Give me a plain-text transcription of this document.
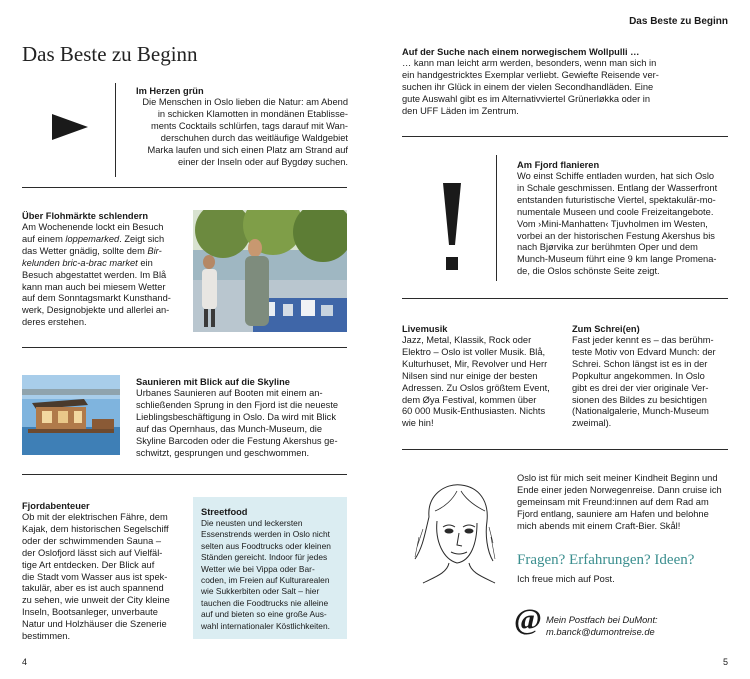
Das Beste zu Beginn
Im Herzen grün
Die Menschen in Oslo lieben die Natur: am Abend
in schicken Klamotten in mondänen Etablisse-
ments Cocktails schlürfen, tags darauf mit Wan-
derschuhen durch das weitläufige Waldgebiet
Marka laufen und sich einen Platz am Strand auf
einer der Inseln oder auf Bygdøy suchen.
Über Flohmärkte schlendern
Am Wochenende lockt ein Besuch
auf einem loppemarked. Zeigt sich
das Wetter gnädig, sollte dem Bir-
kelunden bric-a-brac market ein
Besuch abgestattet werden. Im Blå
kann man auch bei miesem Wetter
auf dem Sonntagsmarkt Kunsthand-
werk, Designobjekte und allerlei an-
deres erstehen.
Saunieren mit Blick auf die Skyline
Urbanes Saunieren auf Booten mit einem an-
schließenden Sprung in den Fjord ist die neueste
Lieblingsbeschäftigung in Oslo. Da wird mit Blick
auf das Opernhaus, das Munch-Museum, die
Skyline Barcoden oder die Festung Akershus ge-
schwitzt, gesprungen und geschwommen.
Fjordabenteuer
Ob mit der elektrischen Fähre, dem
Kajak, dem historischen Segelschiff
oder der schwimmenden Sauna –
der Oslofjord lässt sich auf Vielfäl-
tige Art entdecken. Der Blick auf
die Stadt vom Wasser aus ist spek-
takulär, aber es ist auch spannend
zu sehen, wie unweit der City kleine
Inseln, Bootsanleger, unverbaute
Natur und Holzhäuser die Szenerie
bestimmen.
Streetfood
Die neusten und leckersten
Essenstrends werden in Oslo nicht
selten aus Foodtrucks oder kleinen
Ständen gereicht. Indoor für jedes
Wetter wie bei Vippa oder Bar-
coden, im Freien auf Kulturarealen
wie Sukkerbiten oder Salt – hier
tauchen die Foodtrucks nie alleine
auf und bieten so eine große Aus-
wahl internationaler Köstlichkeiten.
4
Das Beste zu Beginn
Auf der Suche nach einem norwegischem Wollpulli …
… kann man leicht arm werden, besonders, wenn man sich in
ein handgestricktes Exemplar verliebt. Gewiefte Reisende ver-
suchen ihr Glück in einem der vielen Secondhandläden. Eine
gute Auswahl gibt es im Alternativviertel Grünerløkka oder in
den UFF Läden im Zentrum.
Am Fjord flanieren
Wo einst Schiffe entladen wurden, hat sich Oslo
in Schale geschmissen. Entlang der Wasserfront
entstanden futuristische Viertel, spektakulär-mo-
numentale Museen und coole Freizeitangebote.
Vom ›Mini-Manhatten‹ Tjuvholmen im Westen,
vorbei an der historischen Festung Akershus bis
nach Bjørvika zur berühmten Oper und dem
Munch-Museum führt eine 9 km lange Promena-
de, die Oslos schönste Seite zeigt.
Livemusik
Jazz, Metal, Klassik, Rock oder
Elektro – Oslo ist voller Musik. Blå,
Kulturhuset, Mir, Revolver und Herr
Nilsen sind nur einige der besten
Adressen. Zu Oslos größtem Event,
dem Øya Festival, kommen über
60 000 Musik-Enthusiasten. Nichts
wie hin!
Zum Schrei(en)
Fast jeder kennt es – das berühm-
teste Motiv von Edvard Munch: der
Schrei. Schon längst ist es in der
Popkultur angekommen. In Oslo
gibt es drei der vier originale Ver-
sionen des Bildes zu besichtigen
(Nationalgalerie, Munch-Museum
zweimal).
Oslo ist für mich seit meiner Kindheit Beginn und
Ende einer jeden Norwegenreise. Dann cruise ich
gemeinsam mit Freund:innen auf dem Rad am
Fjord entlang, sauniere am Hafen und belohne
mich abends mit einem Craft-Bier. Skål!
Fragen? Erfahrungen? Ideen?
Ich freue mich auf Post.
@ Mein Postfach bei DuMont:
m.banck@dumontreise.de
5
